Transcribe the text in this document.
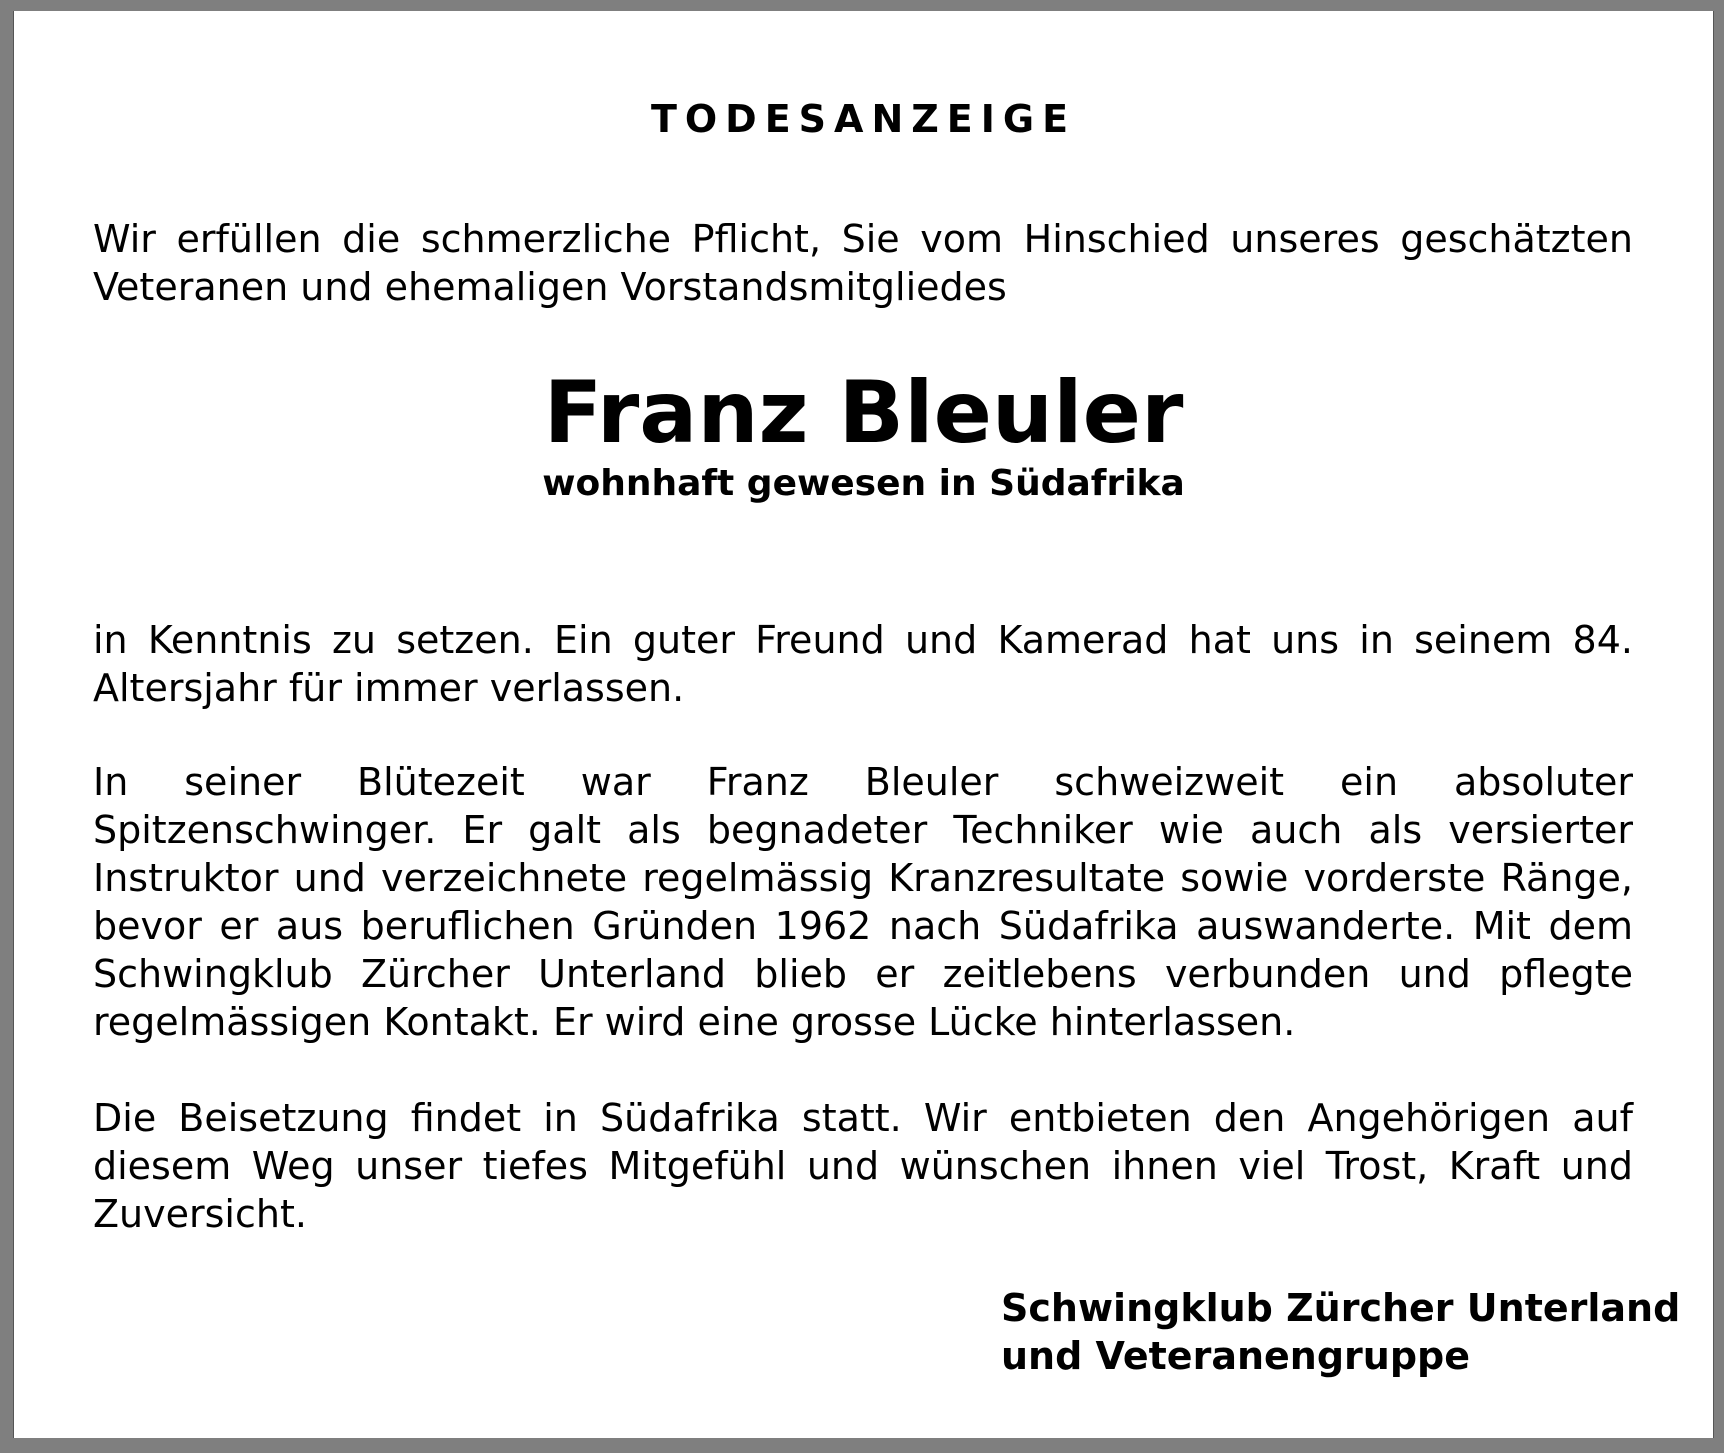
TODESANZEIGE

Wir erfüllen die schmerzliche Pflicht, Sie vom Hinschied unseres geschätzten Veteranen und ehemaligen Vorstandsmitgliedes

Franz Bleuler

wohnhaft gewesen in Südafrika

in Kenntnis zu setzen. Ein guter Freund und Kamerad hat uns in seinem 84. Altersjahr für immer verlassen.

In seiner Blütezeit war Franz Bleuler schweizweit ein absoluter Spitzenschwinger. Er galt als begnadeter Techniker wie auch als versierter Instruktor und verzeichnete regelmässig Kranzresultate sowie vorderste Ränge, bevor er aus beruflichen Gründen 1962 nach Südafrika auswanderte. Mit dem Schwingklub Zürcher Unterland blieb er zeitlebens verbunden und pflegte regelmässigen Kontakt. Er wird eine grosse Lücke hinterlassen.

Die Beisetzung findet in Südafrika statt. Wir entbieten den Angehörigen auf diesem Weg unser tiefes Mitgefühl und wünschen ihnen viel Trost, Kraft und Zuversicht.

Schwingklub Zürcher Unterland
und Veteranengruppe
